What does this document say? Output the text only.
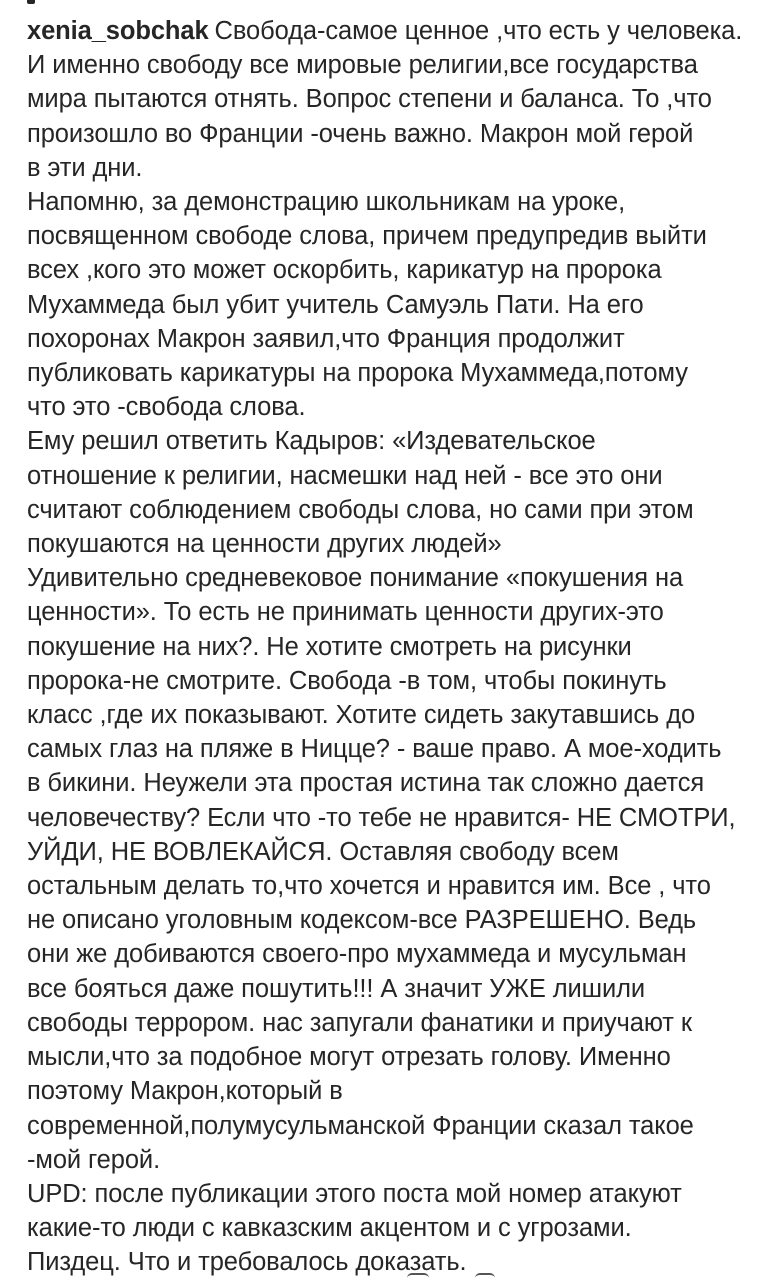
xenia_sobchak Свобода-самое ценное ,что есть у человека.
И именно свободу все мировые религии,все государства
мира пытаются отнять. Вопрос степени и баланса. То ,что
произошло во Франции -очень важно. Макрон мой герой
в эти дни.
Напомню, за демонстрацию школьникам на уроке,
посвященном свободе слова, причем предупредив выйти
всех ,кого это может оскорбить, карикатур на пророка
Мухаммеда был убит учитель Самуэль Пати. На его
похоронах Макрон заявил,что Франция продолжит
публиковать карикатуры на пророка Мухаммеда,потому
что это -свобода слова.
Ему решил ответить Кадыров: «Издевательское
отношение к религии, насмешки над ней - все это они
считают соблюдением свободы слова, но сами при этом
покушаются на ценности других людей»
Удивительно средневековое понимание «покушения на
ценности». То есть не принимать ценности других-это
покушение на них?. Не хотите смотреть на рисунки
пророка-не смотрите. Свобода -в том, чтобы покинуть
класс ,где их показывают. Хотите сидеть закутавшись до
самых глаз на пляже в Ницце? - ваше право. А мое-ходить
в бикини. Неужели эта простая истина так сложно дается
человечеству? Если что -то тебе не нравится- НЕ СМОТРИ,
УЙДИ, НЕ ВОВЛЕКАЙСЯ. Оставляя свободу всем
остальным делать то,что хочется и нравится им. Все , что
не описано уголовным кодексом-все РАЗРЕШЕНО. Ведь
они же добиваются своего-про мухаммеда и мусульман
все бояться даже пошутить!!! А значит УЖЕ лишили
свободы террором. нас запугали фанатики и приучают к
мысли,что за подобное могут отрезать голову. Именно
поэтому Макрон,который в
современной,полумусульманской Франции сказал такое
-мой герой.
UPD: после публикации этого поста мой номер атакуют
какие-то люди с кавказским акцентом и с угрозами.
Пиздец. Что и требовалось доказать.
